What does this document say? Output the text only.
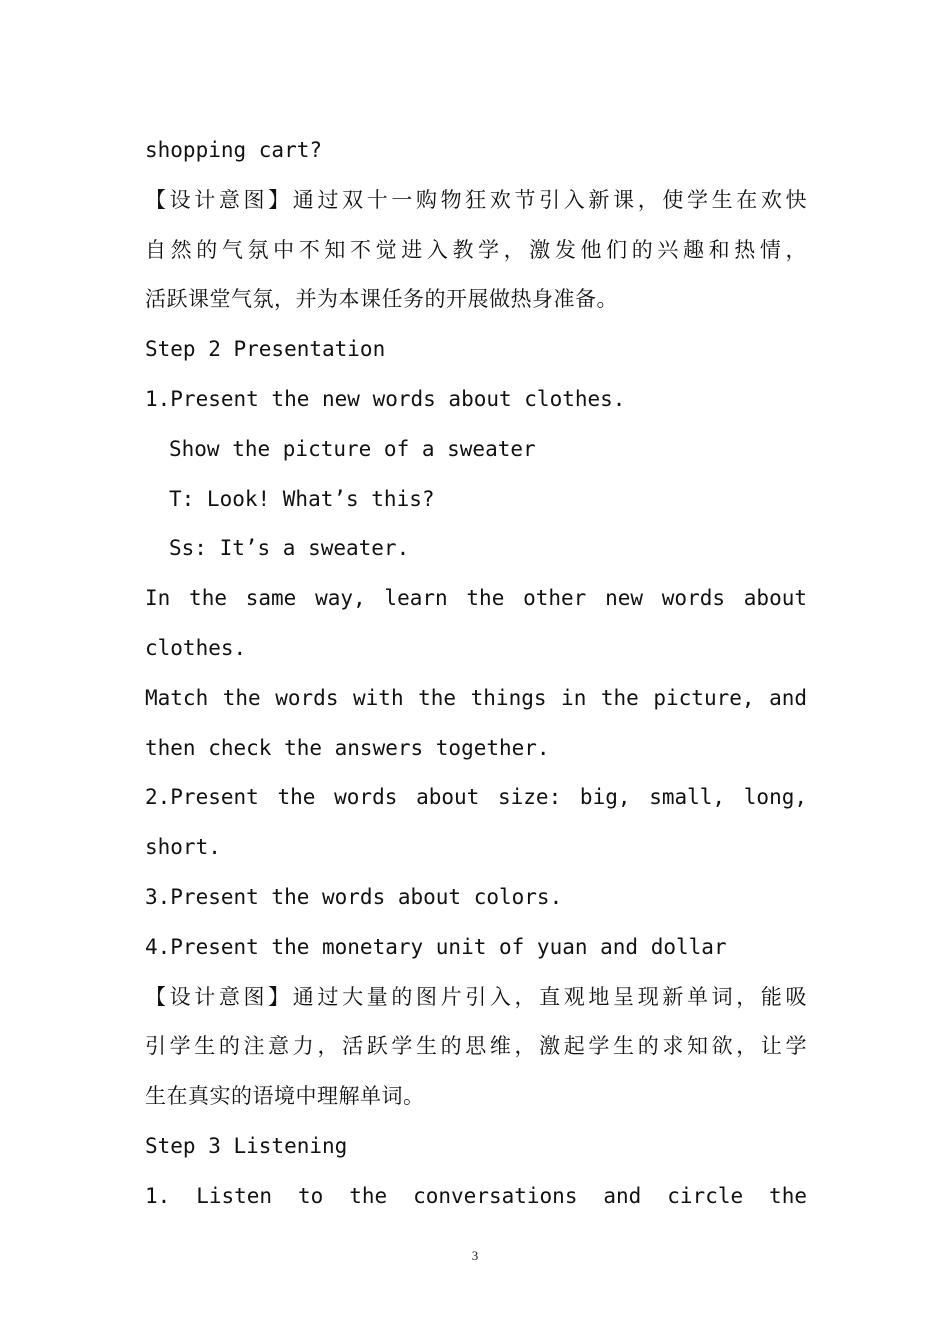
shopping cart?
【设计意图】通过双十一购物狂欢节引入新课，使学生在欢快
自然的气氛中不知不觉进入教学，激发他们的兴趣和热情，
活跃课堂气氛，并为本课任务的开展做热身准备。
Step 2 Presentation
1.Present the new words about clothes.
Show the picture of a sweater
T: Look! What’s this?
Ss: It’s a sweater.
In the same way, learn the other new words about
clothes.
Match the words with the things in the picture, and
then check the answers together.
2.Present the words about size: big, small, long,
short.
3.Present the words about colors.
4.Present the monetary unit of yuan and dollar
【设计意图】通过大量的图片引入，直观地呈现新单词，能吸
引学生的注意力，活跃学生的思维，激起学生的求知欲，让学
生在真实的语境中理解单词。
Step 3 Listening
1. Listen to the conversations and circle the
3
